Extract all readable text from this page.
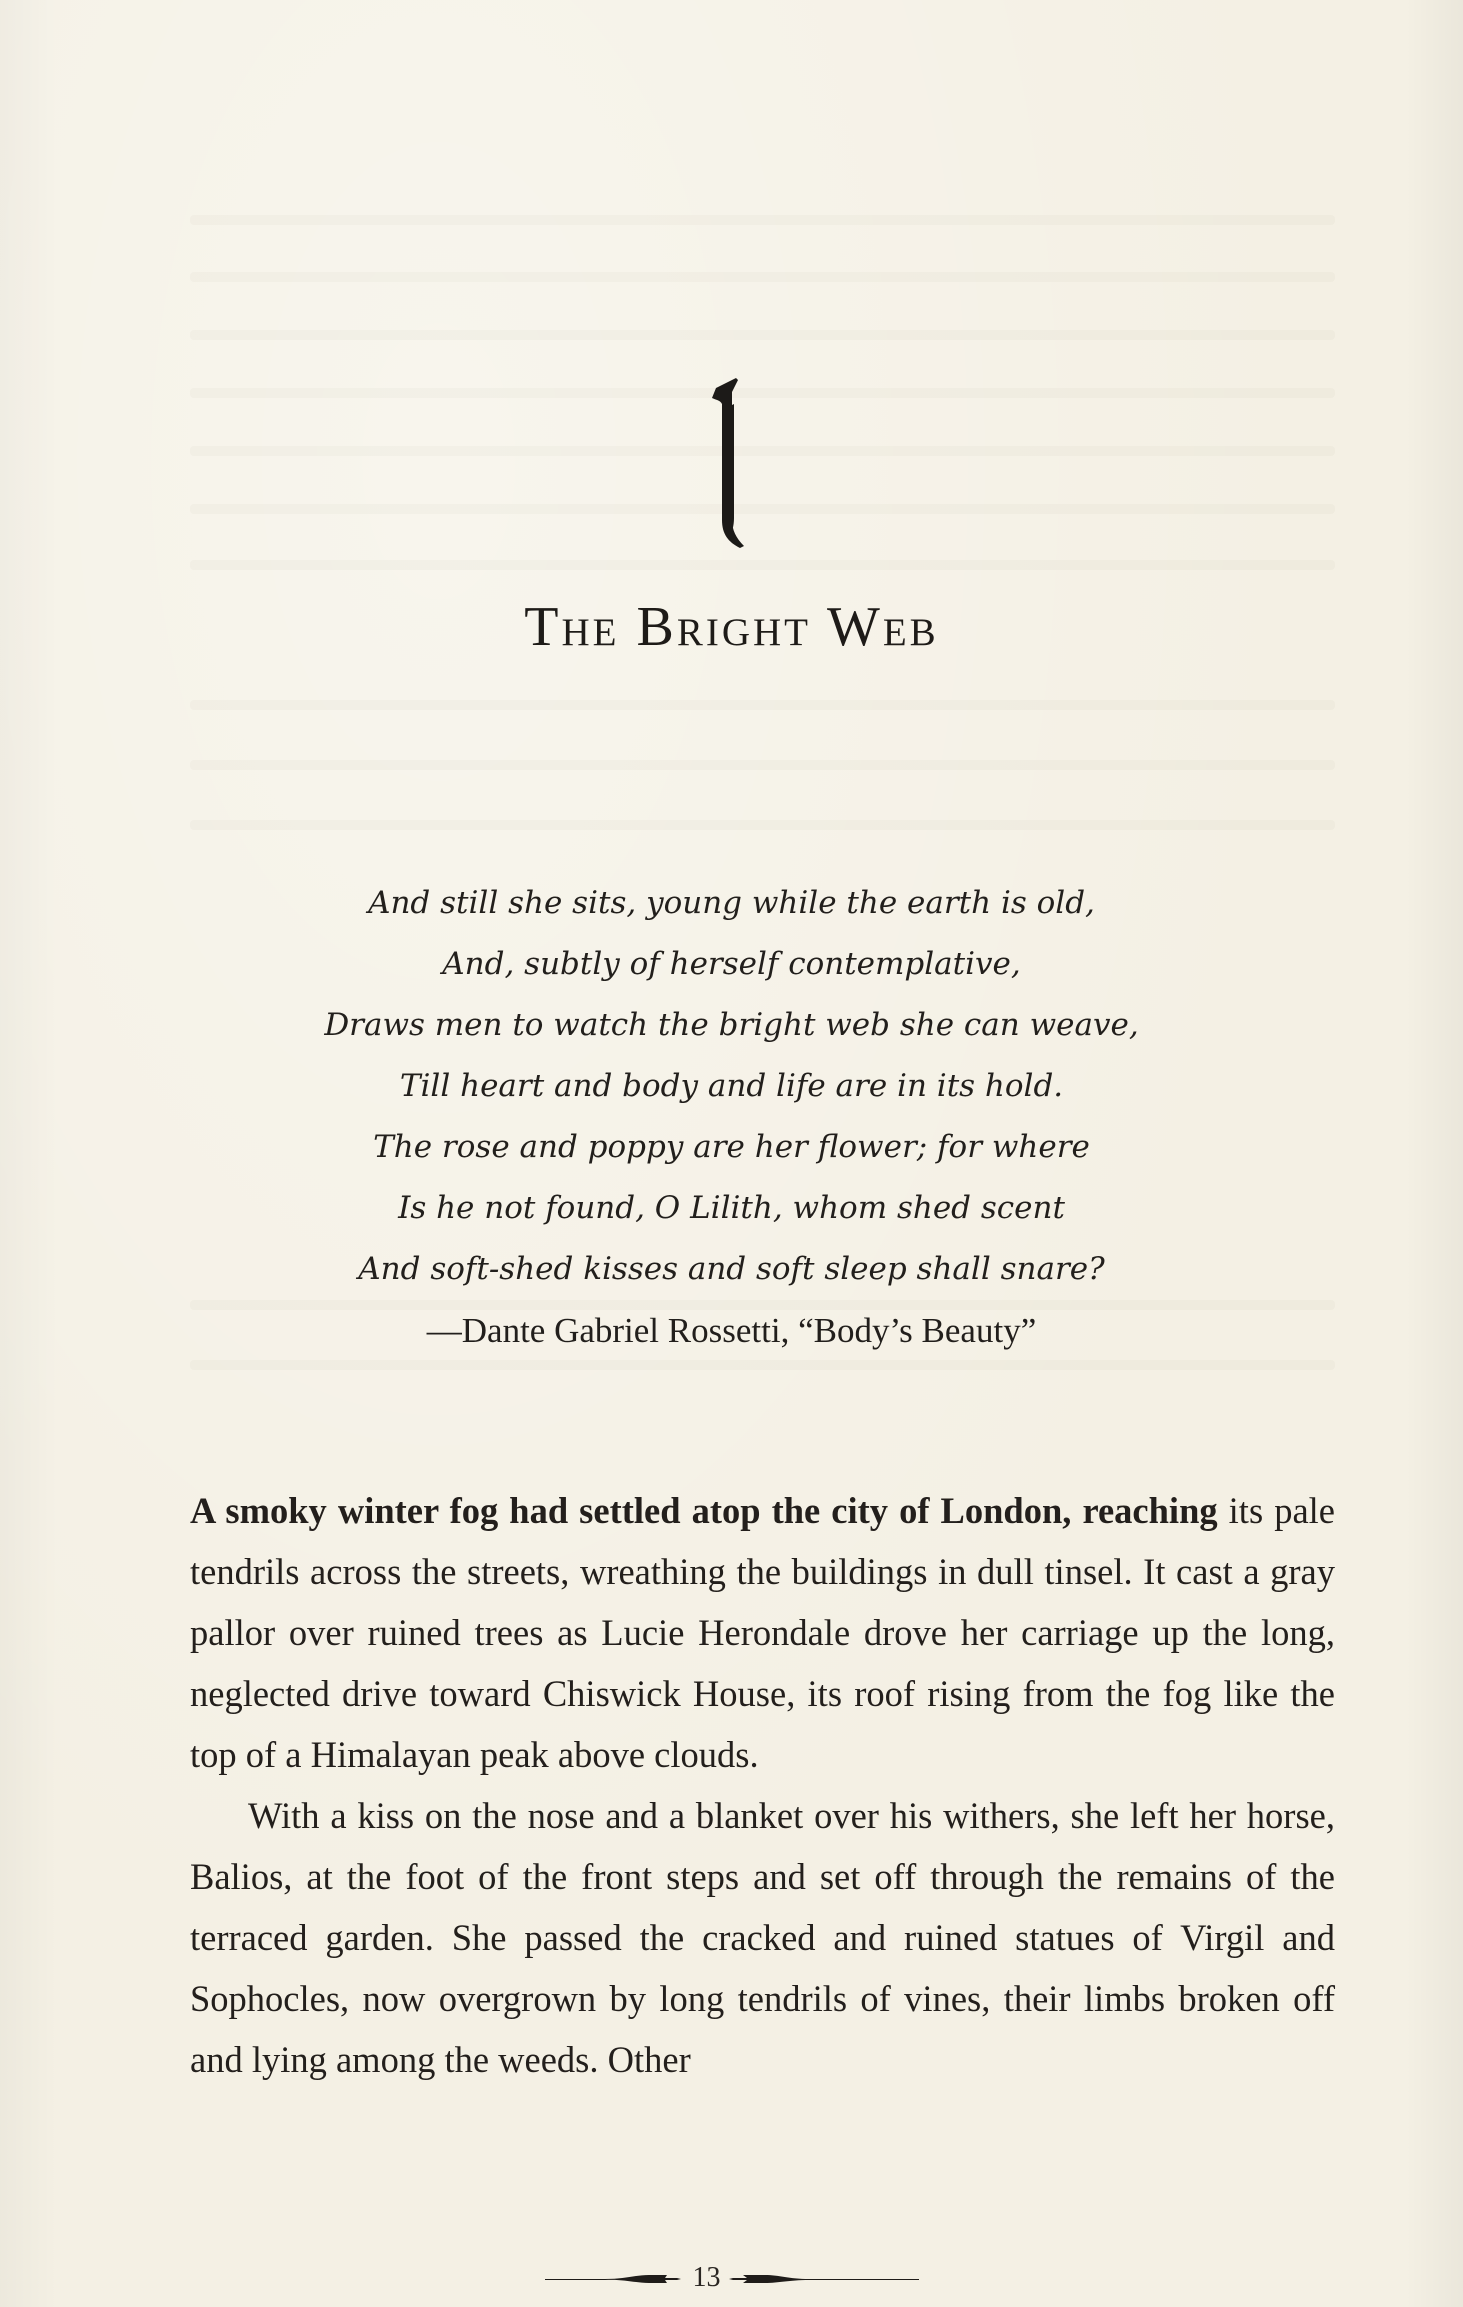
1
The Bright Web
And still she sits, young while the earth is old,
And, subtly of herself contemplative,
Draws men to watch the bright web she can weave,
Till heart and body and life are in its hold.
The rose and poppy are her flower; for where
Is he not found, O Lilith, whom shed scent
And soft-shed kisses and soft sleep shall snare?
—Dante Gabriel Rossetti, “Body’s Beauty”

A smoky winter fog had settled atop the city of London, reaching its pale tendrils across the streets, wreathing the buildings in dull tinsel. It cast a gray pallor over ruined trees as Lucie Herondale drove her carriage up the long, neglected drive toward Chiswick House, its roof rising from the fog like the top of a Himalayan peak above clouds.

With a kiss on the nose and a blanket over his withers, she left her horse, Balios, at the foot of the front steps and set off through the remains of the terraced garden. She passed the cracked and ruined statues of Virgil and Sophocles, now overgrown by long tendrils of vines, their limbs broken off and lying among the weeds. Other

13
